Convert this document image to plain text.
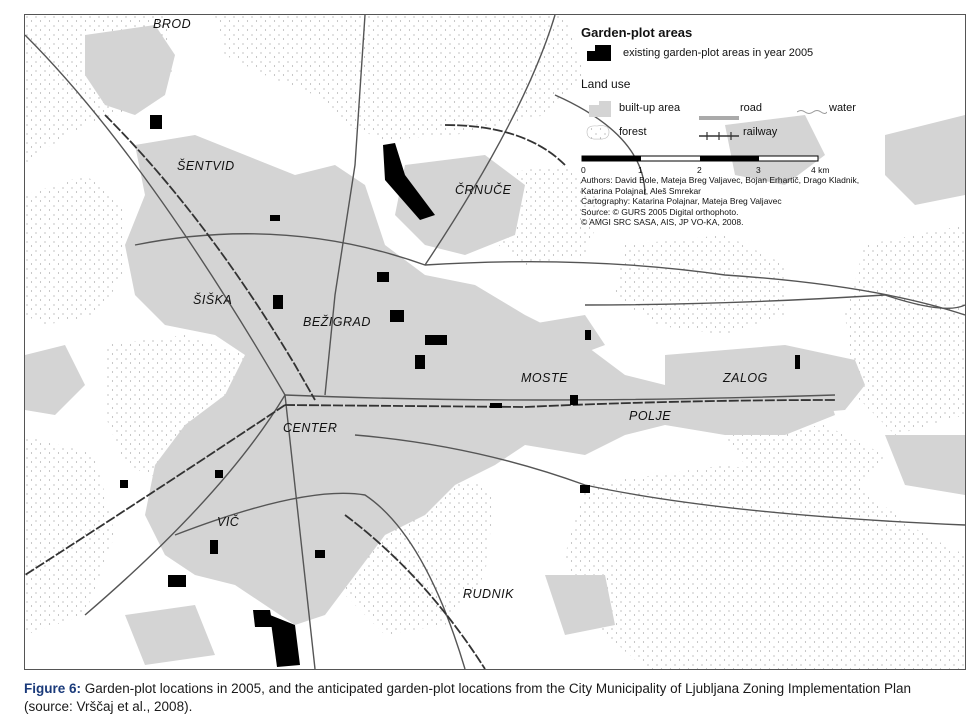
BROD
ŠENTVID
ČRNUČE
ŠIŠKA
BEŽIGRAD
MOSTE	ZALOG
POLJE
CENTER
VIČ
RUDNIK
Garden-plot areas
existing garden-plot areas in year 2005
Land use
built-up area	road	water
forest	railway
0	1	2	3	4 km
Authors: David Bole, Mateja Breg Valjavec, Bojan Erhartič, Drago Kladnik,
Katarina Polajnar, Aleš Smrekar
Cartography: Katarina Polajnar, Mateja Breg Valjavec
Source: © GURS 2005 Digital orthophoto.
© AMGI SRC SASA, AIS, JP VO-KA, 2008.
Figure 6: Garden-plot locations in 2005, and the anticipated garden-plot locations from the City Municipality of Ljubljana Zoning Implementation Plan (source: Vrščaj et al., 2008).
